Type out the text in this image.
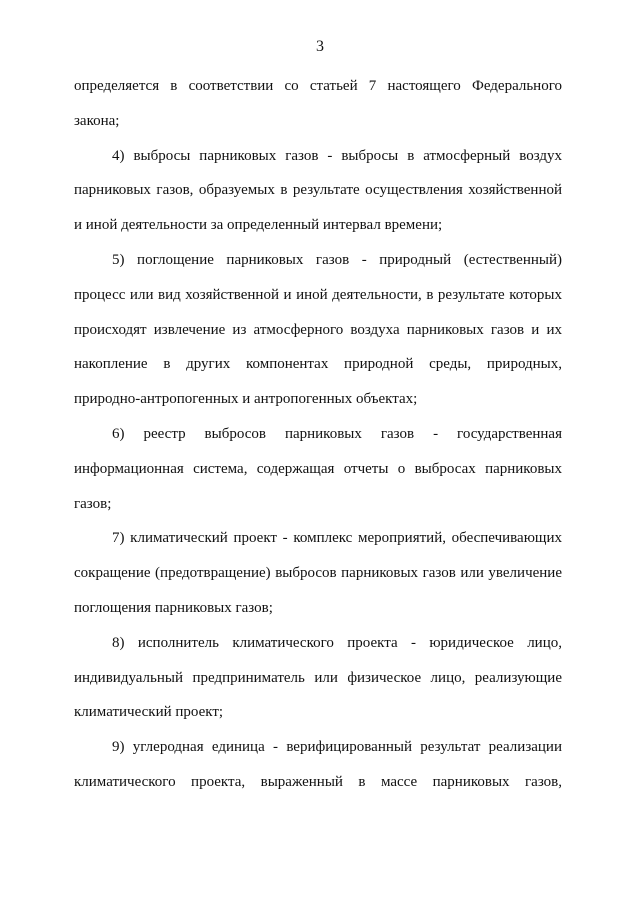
3
определяется в соответствии со статьей 7 настоящего Федерального
закона;
4) выбросы парниковых газов - выбросы в атмосферный воздух
парниковых газов, образуемых в результате осуществления хозяйственной
и иной деятельности за определенный интервал времени;
5) поглощение парниковых газов - природный (естественный)
процесс или вид хозяйственной и иной деятельности, в результате которых
происходят извлечение из атмосферного воздуха парниковых газов и их
накопление в других компонентах природной среды, природных,
природно-антропогенных и антропогенных объектах;
6) реестр выбросов парниковых газов - государственная
информационная система, содержащая отчеты о выбросах парниковых
газов;
7) климатический проект - комплекс мероприятий, обеспечивающих
сокращение (предотвращение) выбросов парниковых газов или увеличение
поглощения парниковых газов;
8) исполнитель климатического проекта - юридическое лицо,
индивидуальный предприниматель или физическое лицо, реализующие
климатический проект;
9) углеродная единица - верифицированный результат реализации
климатического проекта, выраженный в массе парниковых газов,
